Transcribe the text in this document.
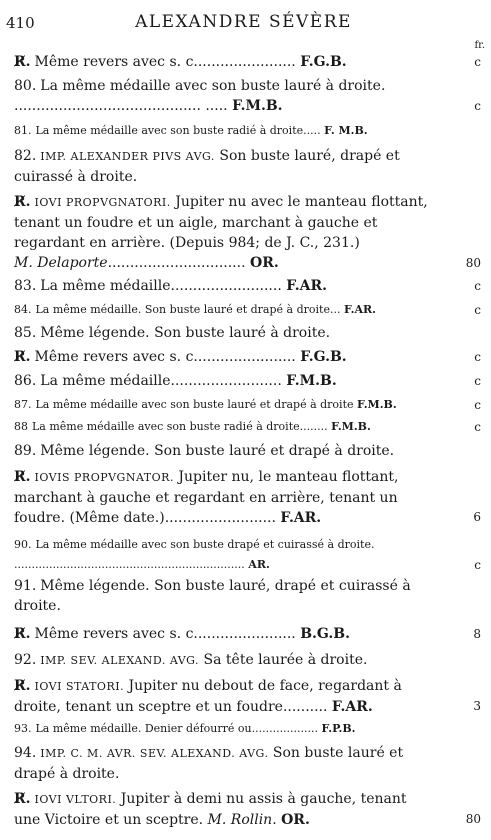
410	ALEXANDRE SÉVÈRE
fr.
R̸. Même revers avec s. c....................... F.G.B.	c
80. La même médaille avec son buste lauré à droite.
.......................................... ..... F.M.B.	c
81. La même médaille avec son buste radié à droite..... F. M.B.
82. IMP. ALEXANDER PIVS AVG. Son buste lauré, drapé et cuirassé à droite.
R̸. IOVI PROPVGNATORI. Jupiter nu avec le manteau flottant, tenant un foudre et un aigle, marchant à gauche et regardant en arrière. (Depuis 984; de J. C., 231.)
M. Delaporte............................... OR.	80
83. La même médaille......................... F.AR.	c
84. La même médaille. Son buste lauré et drapé à droite... F.AR.	c
85. Même légende. Son buste lauré à droite.
R̸. Même revers avec s. c....................... F.G.B.	c
86. La même médaille......................... F.M.B.	c
87. La même médaille avec son buste lauré et drapé à droite F.M.B.	c
88 La même médaille avec son buste radié à droite........ F.M.B.	c
89. Même légende. Son buste lauré et drapé à droite.
R̸. IOVIS PROPVGNATOR. Jupiter nu, le manteau flottant, marchant à gauche et regardant en arrière, tenant un foudre. (Même date.)......................... F.AR.	6
90. La même médaille avec son buste drapé et cuirassé à droite.
.................................................................. AR.	c
91. Même légende. Son buste lauré, drapé et cuirassé à droite.
R̸. Même revers avec s. c....................... B.G.B.	8
92. IMP. SEV. ALEXAND. AVG. Sa tête laurée à droite.
R̸. IOVI STATORI. Jupiter nu debout de face, regardant à droite, tenant un sceptre et un foudre.......... F.AR.	3
93. La même médaille. Denier défourré ou................... F.P.B.
94. IMP. C. M. AVR. SEV. ALEXAND. AVG. Son buste lauré et drapé à droite.
R̸. IOVI VLTORI. Jupiter à demi nu assis à gauche, tenant une Victoire et un sceptre. M. Rollin. OR.	80
